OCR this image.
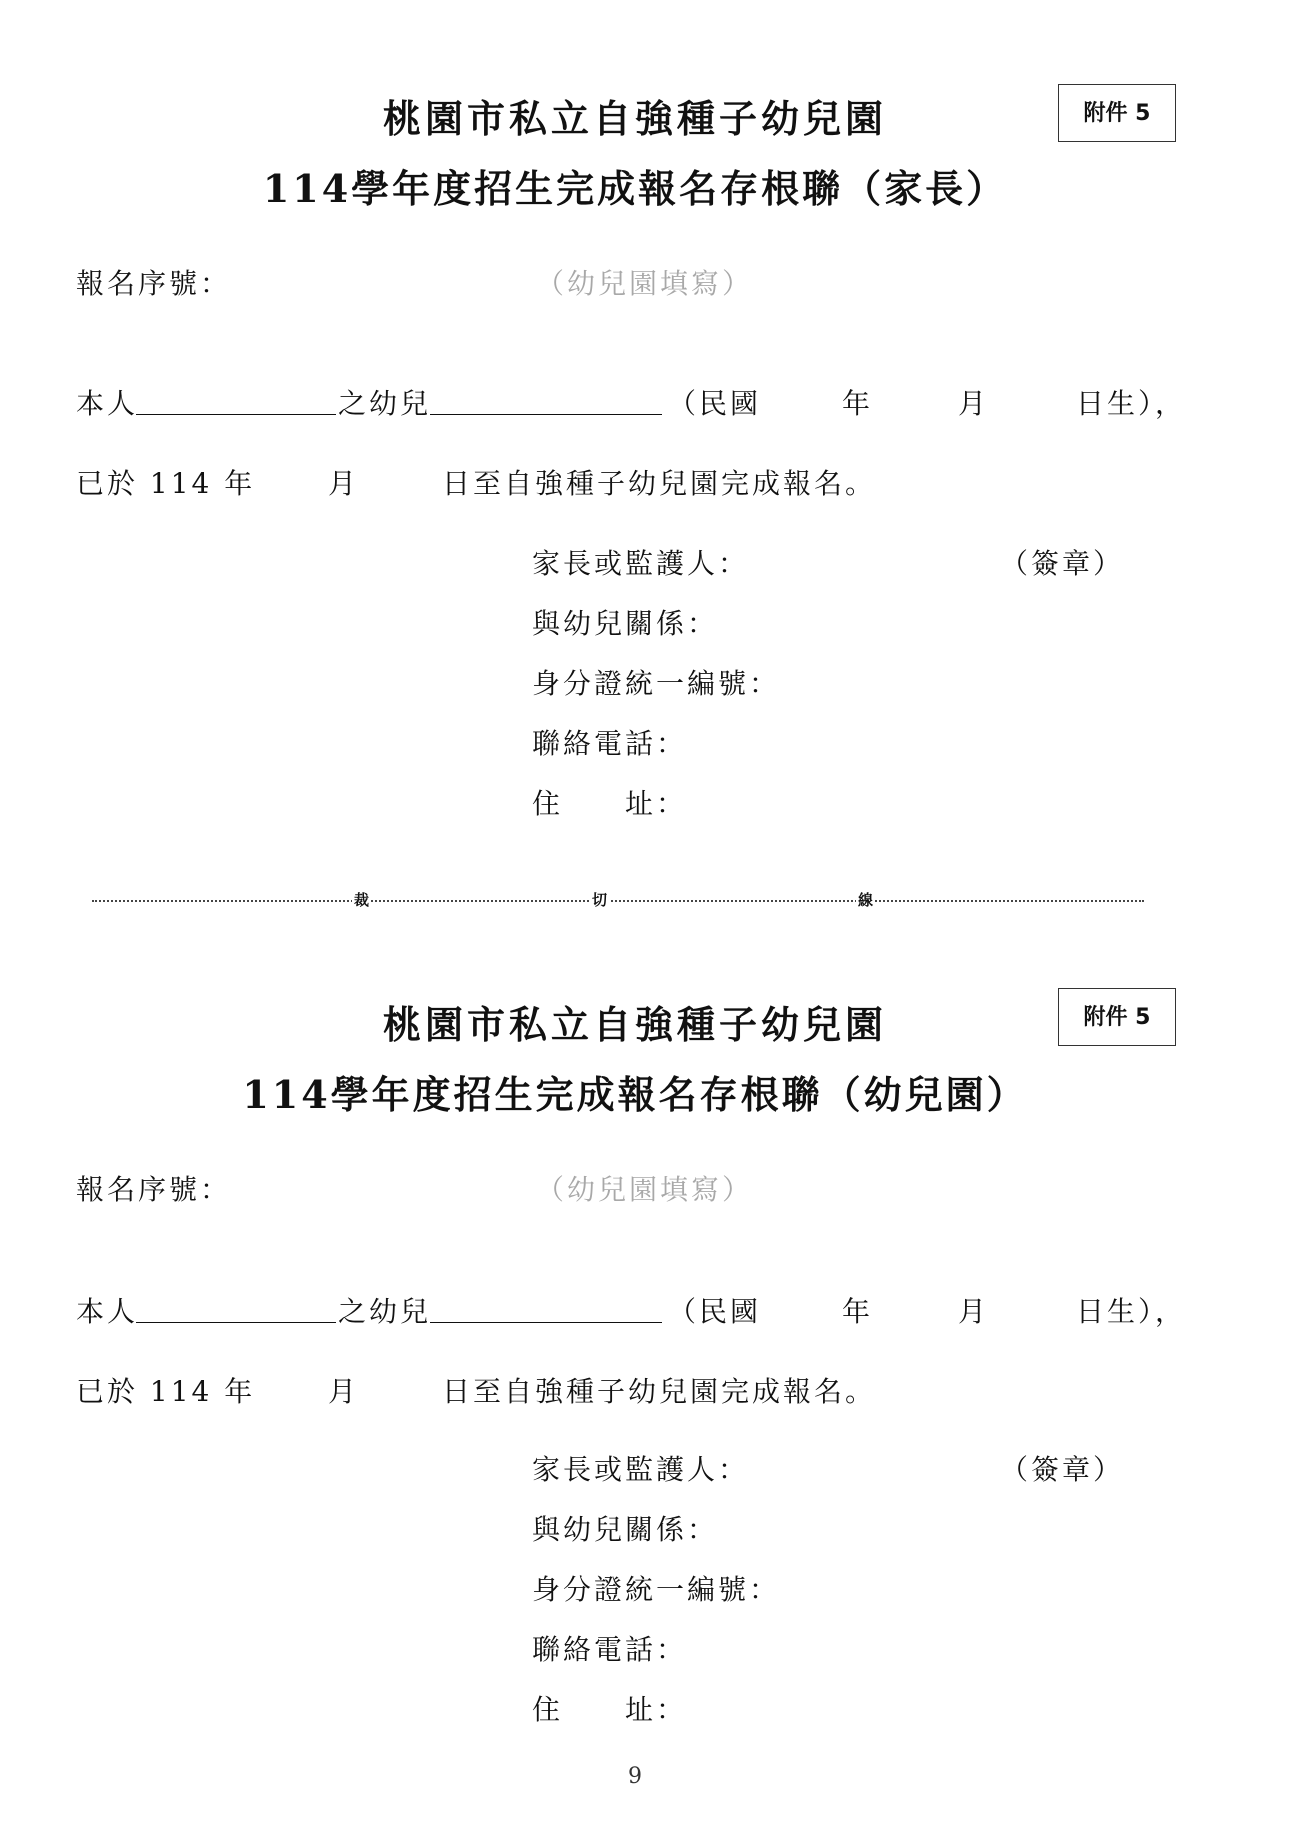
桃園市私立自強種子幼兒園	附件 5
114學年度招生完成報名存根聯（家長）
報名序號：	（幼兒園填寫）
本人	之幼兒	（民國	年	月	日生），
已於 114 年	月	日至自強種子幼兒園完成報名。
家長或監護人：	（簽章）
與幼兒關係：
身分證統一編號：
聯絡電話：
住　　址：
裁	切	線
桃園市私立自強種子幼兒園	附件 5
114學年度招生完成報名存根聯（幼兒園）
報名序號：	（幼兒園填寫）
本人	之幼兒	（民國	年	月	日生），
已於 114 年	月	日至自強種子幼兒園完成報名。
家長或監護人：	（簽章）
與幼兒關係：
身分證統一編號：
聯絡電話：
住　　址：
9
